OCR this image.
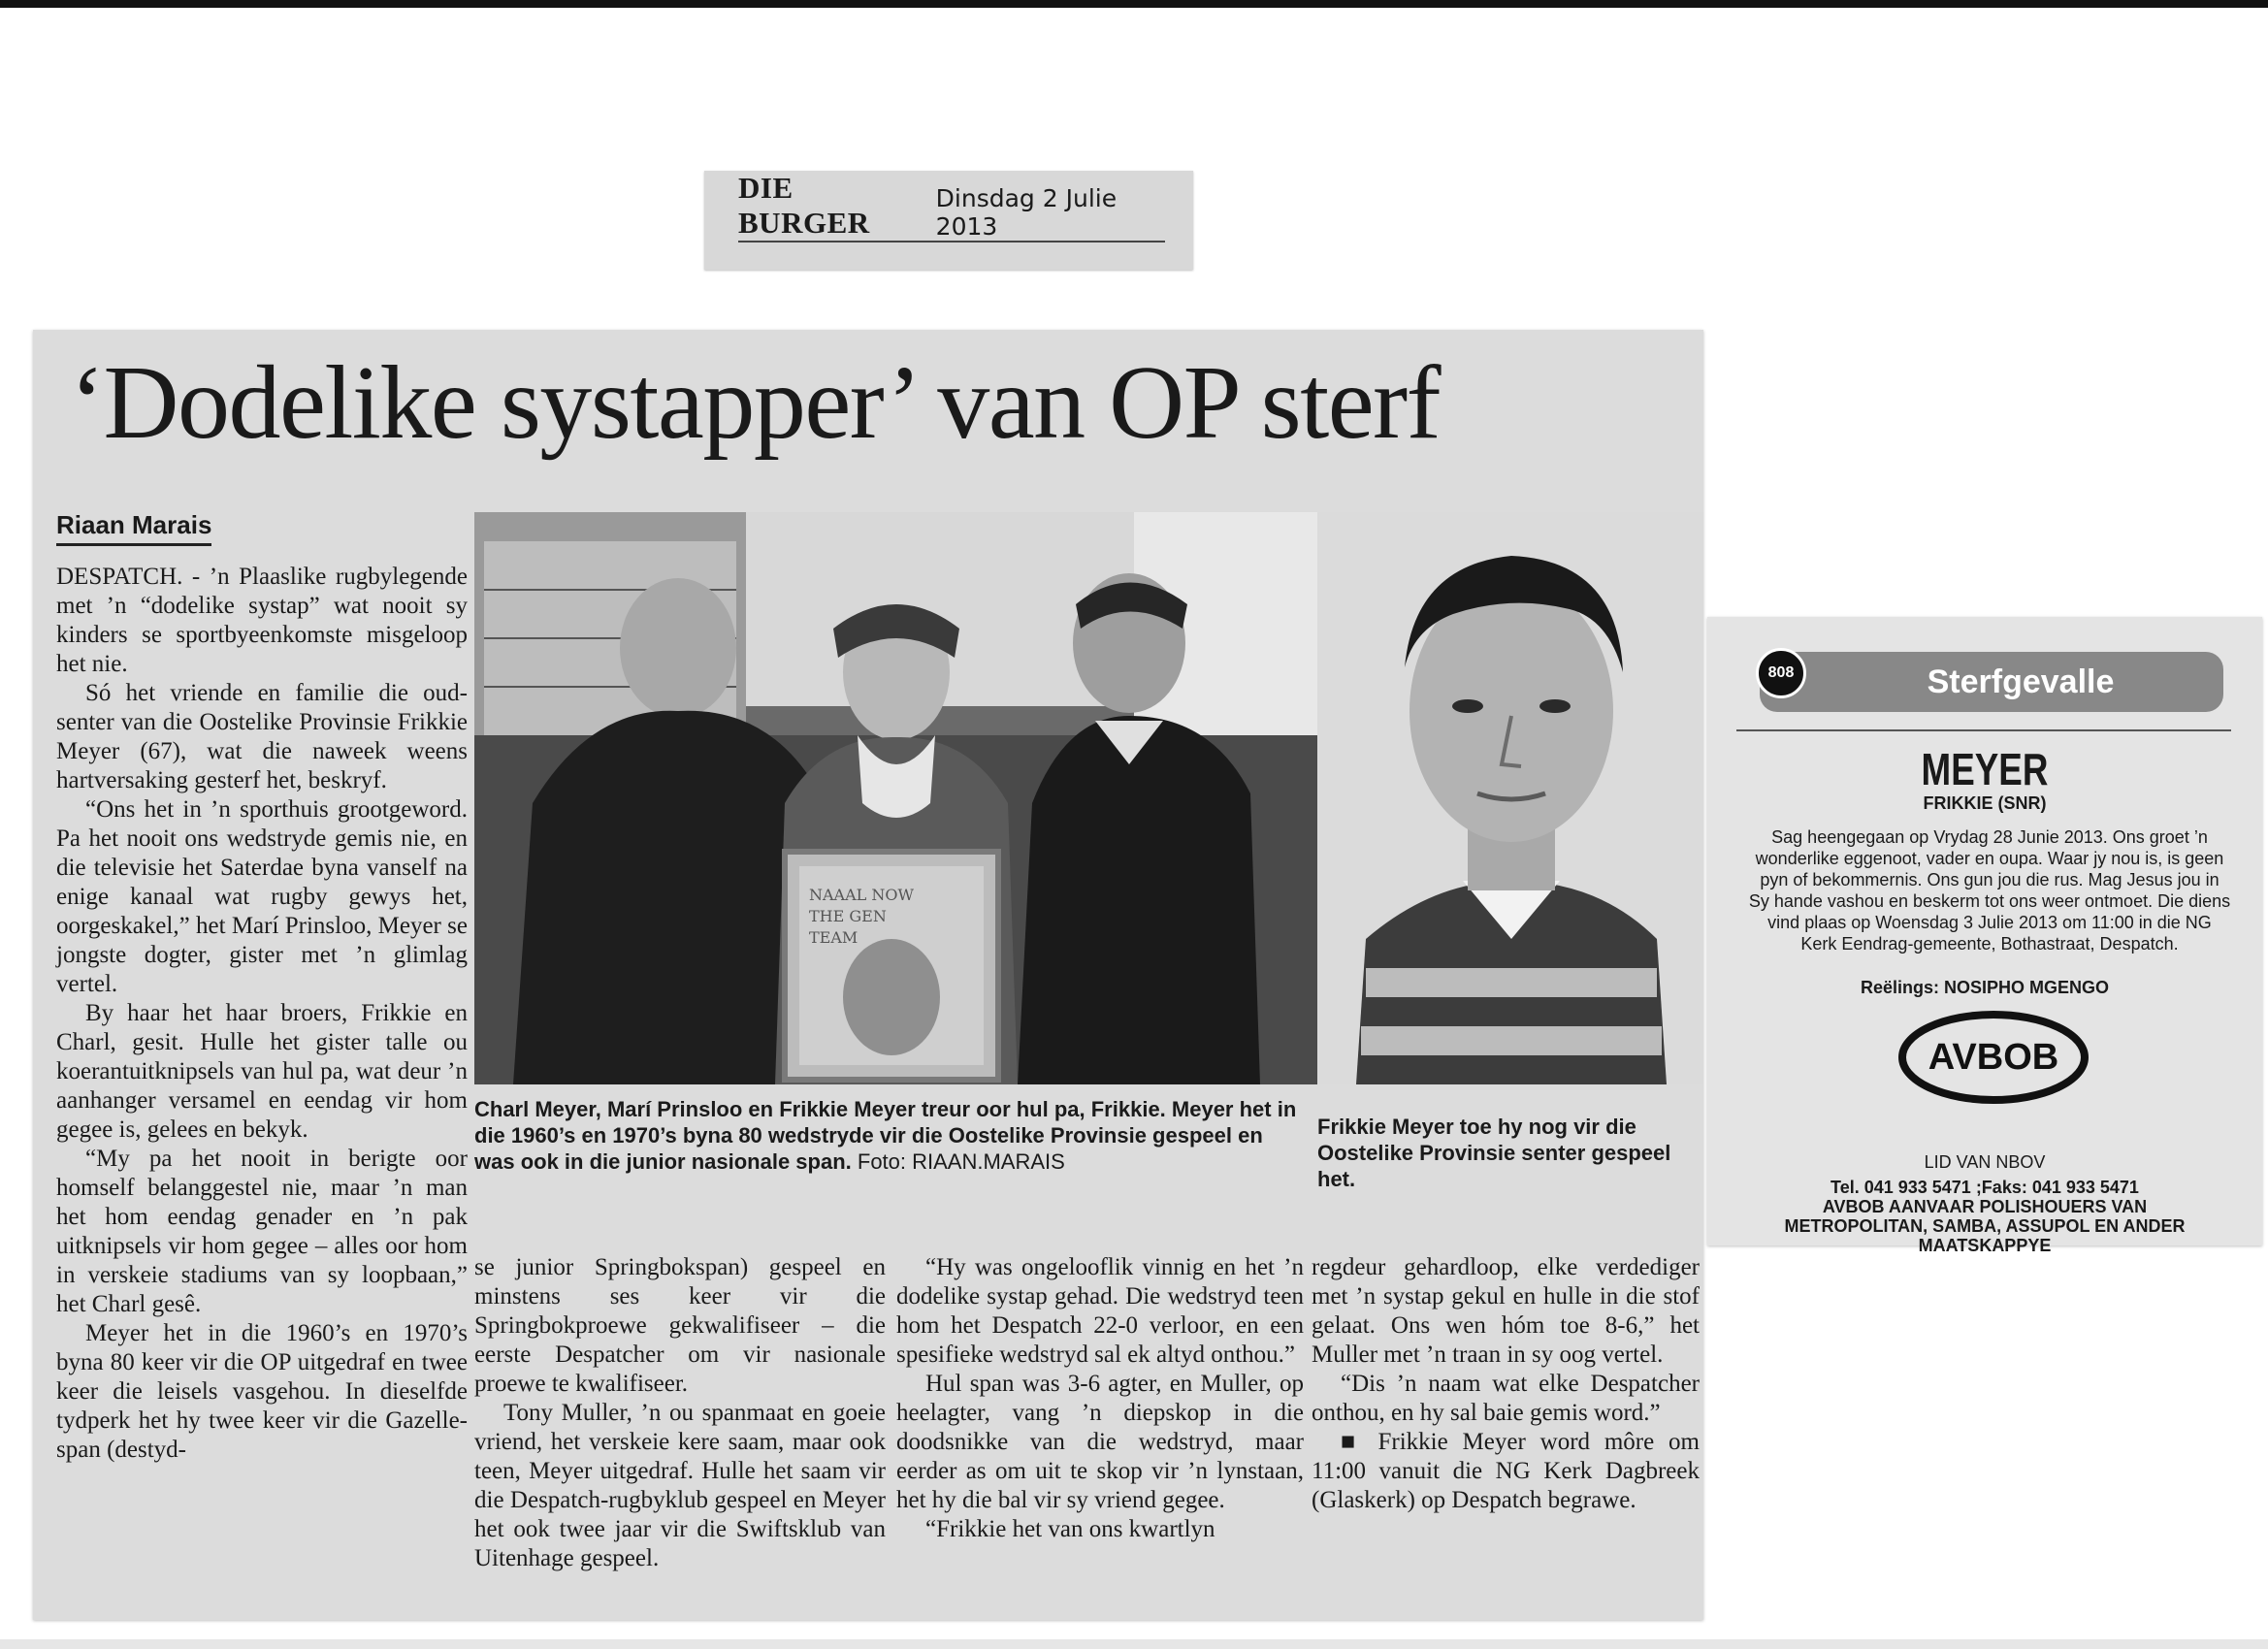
DIE BURGER
Dinsdag 2 Julie 2013
‘Dodelike systapper’ van OP sterf
Riaan Marais

DESPATCH. - ’n Plaaslike rugbylegende met ’n “dodelike systap” wat nooit sy kinders se sportbyeenkomste misgeloop het nie.

Só het vriende en familie die oud-senter van die Oostelike Provinsie Frikkie Meyer (67), wat die naweek weens hartversaking gesterf het, beskryf.

“Ons het in ’n sporthuis grootgeword. Pa het nooit ons wedstryde gemis nie, en die televisie het Saterdae byna vanself na enige kanaal wat rugby gewys het, oorgeskakel,” het Marí Prinsloo, Meyer se jongste dogter, gister met ’n glimlag vertel.

By haar het haar broers, Frikkie en Charl, gesit. Hulle het gister talle ou koerantuitknipsels van hul pa, wat deur ’n aanhanger versamel en eendag vir hom gegee is, gelees en bekyk.

“My pa het nooit in berigte oor homself belanggestel nie, maar ’n man het hom eendag genader en ’n pak uitknipsels vir hom gegee – alles oor hom in verskeie stadiums van sy loopbaan,” het Charl gesê.

Meyer het in die 1960’s en 1970’s byna 80 keer vir die OP uitgedraf en twee keer die leisels vasgehou. In dieselfde tydperk het hy twee keer vir die Gazelle-span (destyd-

NAAAL NOW
THE GEN
TEAM
Charl Meyer, Marí Prinsloo en Frikkie Meyer treur oor hul pa, Frikkie. Meyer het in die 1960’s en 1970’s byna 80 wedstryde vir die Oostelike Provinsie gespeel en was ook in die junior nasionale span. Foto: RIAAN.MARAIS
Frikkie Meyer toe hy nog vir die Oostelike Provinsie senter gespeel het.

se junior Springbokspan) gespeel en minstens ses keer vir die Springbokproewe gekwalifiseer – die eerste Despatcher om vir nasionale proewe te kwalifiseer.

Tony Muller, ’n ou spanmaat en goeie vriend, het verskeie kere saam, maar ook teen, Meyer uitgedraf. Hulle het saam vir die Despatch-rugbyklub gespeel en Meyer het ook twee jaar vir die Swiftsklub van Uitenhage gespeel.

“Hy was ongelooflik vinnig en het ’n dodelike systap gehad. Die wedstryd teen hom het Despatch 22-0 verloor, en een spesifieke wedstryd sal ek altyd onthou.”

Hul span was 3-6 agter, en Muller, op heelagter, vang ’n diepskop in die doodsnikke van die wedstryd, maar eerder as om uit te skop vir ’n lynstaan, het hy die bal vir sy vriend gegee.

“Frikkie het van ons kwartlyn

regdeur gehardloop, elke verdediger met ’n systap gekul en hulle in die stof gelaat. Ons wen hóm toe 8-6,” het Muller met ’n traan in sy oog vertel.

“Dis ’n naam wat elke Despatcher onthou, en hy sal baie gemis word.”

■ Frikkie Meyer word môre om 11:00 vanuit die NG Kerk Dagbreek (Glaskerk) op Despatch begrawe.

Sterfgevalle
808
MEYER
FRIKKIE (SNR)
Sag heengegaan op Vrydag 28 Junie 2013. Ons groet ’n wonderlike eggenoot, vader en oupa. Waar jy nou is, is geen pyn of bekommernis. Ons gun jou die rus. Mag Jesus jou in Sy hande vashou en beskerm tot ons weer ontmoet. Die diens vind plaas op Woensdag 3 Julie 2013 om 11:00 in die NG Kerk Eendrag-gemeente, Bothastraat, Despatch.
Reëlings: NOSIPHO MGENGO
AVBOB
LID VAN NBOV
Tel. 041 933 5471 ;Faks: 041 933 5471
AVBOB AANVAAR POLISHOUERS VAN
METROPOLITAN, SAMBA, ASSUPOL EN ANDER
MAATSKAPPYE
